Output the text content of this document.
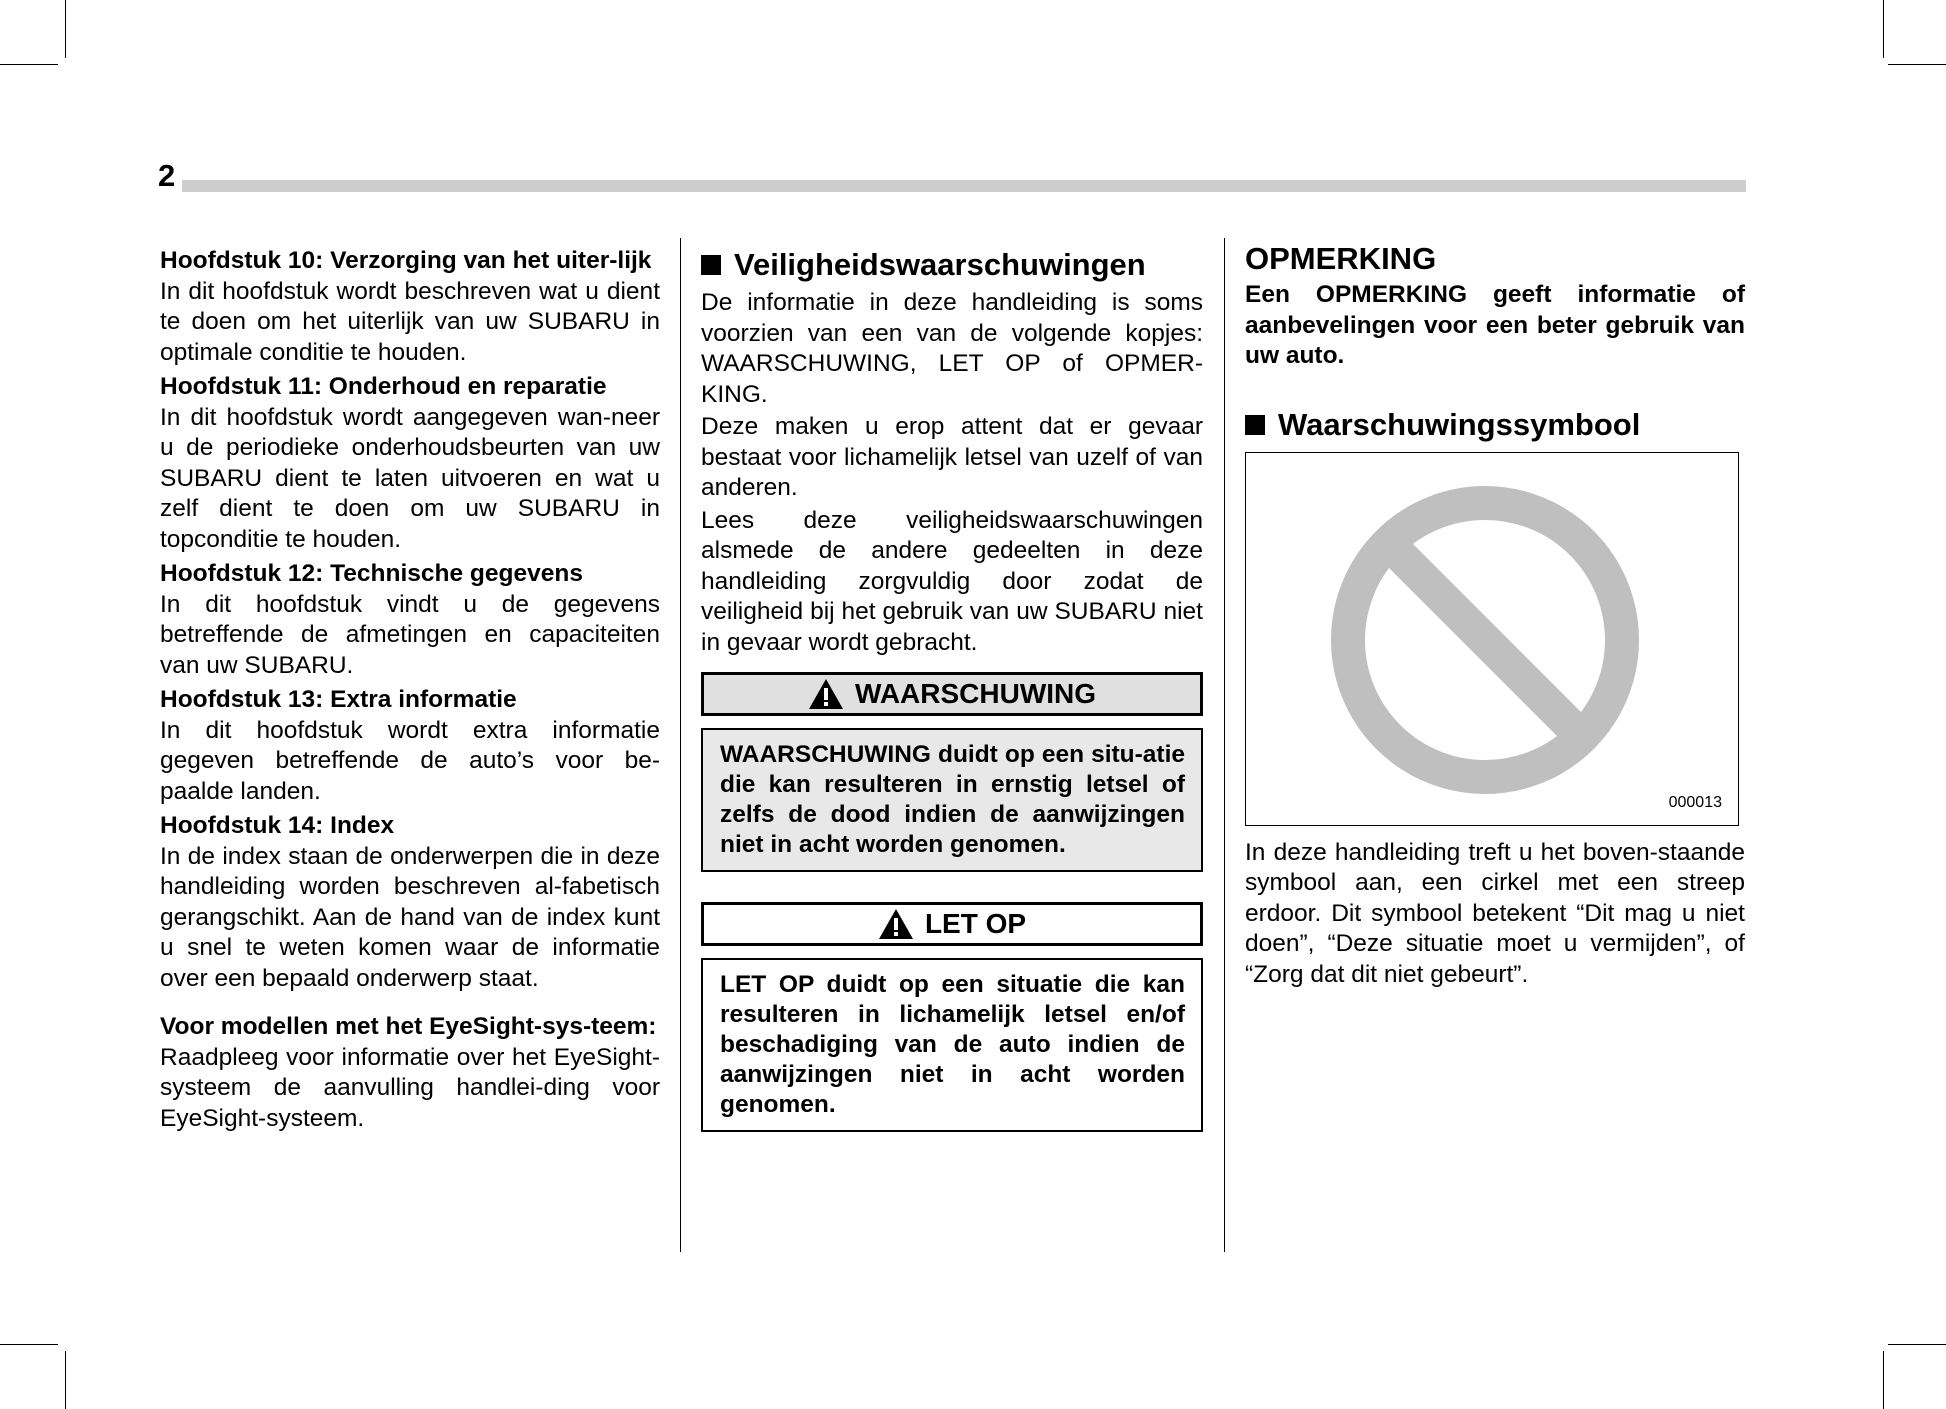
2

Hoofdstuk 10: Verzorging van het uiter-lijk

In dit hoofdstuk wordt beschreven wat u dient te doen om het uiterlijk van uw SUBARU in optimale conditie te houden.

Hoofdstuk 11: Onderhoud en reparatie

In dit hoofdstuk wordt aangegeven wan-neer u de periodieke onderhoudsbeurten van uw SUBARU dient te laten uitvoeren en wat u zelf dient te doen om uw SUBARU in topconditie te houden.

Hoofdstuk 12: Technische gegevens

In dit hoofdstuk vindt u de gegevens betreffende de afmetingen en capaciteiten van uw SUBARU.

Hoofdstuk 13: Extra informatie

In dit hoofdstuk wordt extra informatie gegeven betreffende de auto’s voor be-paalde landen.

Hoofdstuk 14: Index

In de index staan de onderwerpen die in deze handleiding worden beschreven al-fabetisch gerangschikt. Aan de hand van de index kunt u snel te weten komen waar de informatie over een bepaald onderwerp staat.

Voor modellen met het EyeSight-sys-teem:

Raadpleeg voor informatie over het EyeSight-systeem de aanvulling handlei-ding voor EyeSight-systeem.

Veiligheidswaarschuwingen

De informatie in deze handleiding is soms voorzien van een van de volgende kopjes: WAARSCHUWING, LET OP of OPMER-KING.

Deze maken u erop attent dat er gevaar bestaat voor lichamelijk letsel van uzelf of van anderen.

Lees deze veiligheidswaarschuwingen alsmede de andere gedeelten in deze handleiding zorgvuldig door zodat de veiligheid bij het gebruik van uw SUBARU niet in gevaar wordt gebracht.

WAARSCHUWING
WAARSCHUWING duidt op een situ-atie die kan resulteren in ernstig letsel of zelfs de dood indien de aanwijzingen niet in acht worden genomen.
LET OP
LET OP duidt op een situatie die kan resulteren in lichamelijk letsel en/of beschadiging van de auto indien de aanwijzingen niet in acht worden genomen.
OPMERKING

Een OPMERKING geeft informatie of aanbevelingen voor een beter gebruik van uw auto.

Waarschuwingssymbool
000013

In deze handleiding treft u het boven-staande symbool aan, een cirkel met een streep erdoor. Dit symbool betekent “Dit mag u niet doen”, “Deze situatie moet u vermijden”, of “Zorg dat dit niet gebeurt”.
